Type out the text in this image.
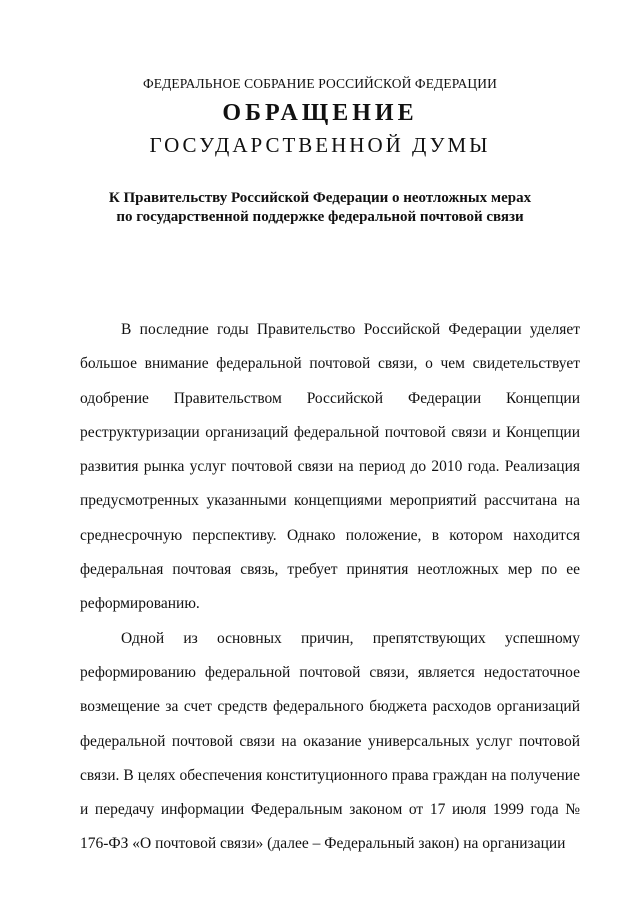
ФЕДЕРАЛЬНОЕ СОБРАНИЕ РОССИЙСКОЙ ФЕДЕРАЦИИ
ОБРАЩЕНИЕ
ГОСУДАРСТВЕННОЙ ДУМЫ
К Правительству Российской Федерации о неотложных мерах
по государственной поддержке федеральной почтовой связи

В последние годы Правительство Российской Федерации уделяет большое внимание федеральной почтовой связи, о чем свидетельствует одобрение Правительством Российской Федерации Концепции реструктуризации организаций федеральной почтовой связи и Концепции развития рынка услуг почтовой связи на период до 2010 года. Реализация предусмотренных указанными концепциями мероприятий рассчитана на среднесрочную перспективу. Однако положение, в котором находится федеральная почтовая связь, требует принятия неотложных мер по ее реформированию.

Одной из основных причин, препятствующих успешному реформированию федеральной почтовой связи, является недостаточное возмещение за счет средств федерального бюджета расходов организаций федеральной почтовой связи на оказание универсальных услуг почтовой связи. В целях обеспечения конституционного права граждан на получение и передачу информации Федеральным законом от 17 июля 1999 года № 176-ФЗ «О почтовой связи» (далее – Федеральный закон) на организации
